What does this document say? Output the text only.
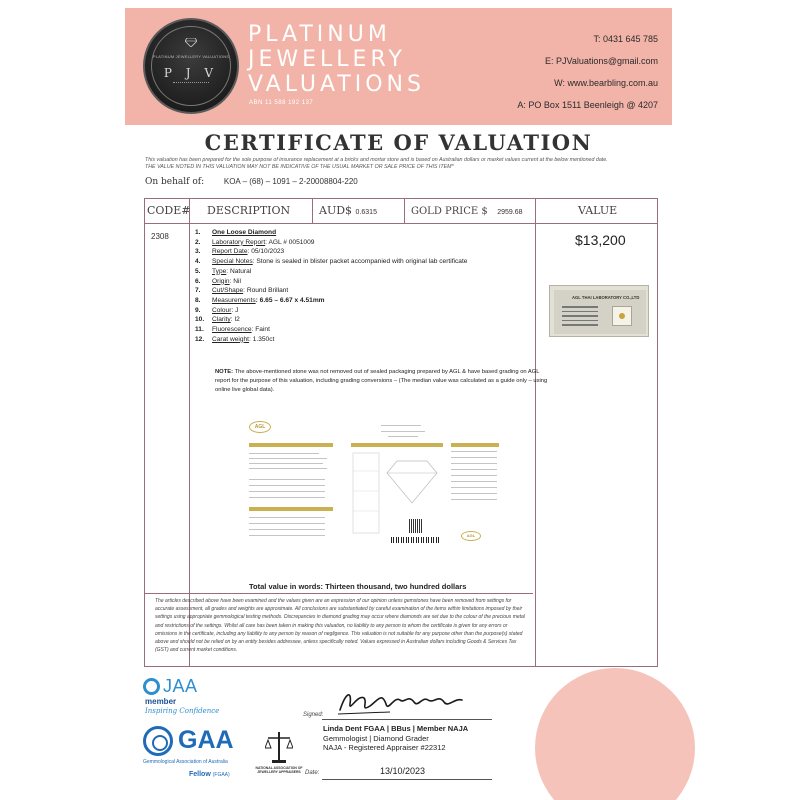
PLATINUM JEWELLERY VALUATIONS
P J V
PLATINUM
JEWELLERY
VALUATIONS
ABN 11 588 192 137
T: 0431 645 785
E: PJValuations@gmail.com
W: www.bearbling.com.au
A: PO Box 1511 Beenleigh @ 4207
CERTIFICATE OF VALUATION
This valuation has been prepared for the sole purpose of insurance replacement at a bricks and mortar store and is based on Australian dollars or market values current at the below mentioned date.
THE VALUE NOTED IN THIS VALUATION MAY NOT BE INDICATIVE OF THE USUAL MARKET OR SALE PRICE OF THIS ITEM*
On behalf of: KOA – (68) – 1091 – 2-20008804-220
CODE# DESCRIPTION	AUD$ 0.6315	GOLD PRICE $ 2959.68	VALUE
2308	1.	One Loose Diamond
2.	Laboratory Report : AGL # 0051009
3.	Report Date : 05/10/2023
4.	Special Notes : Stone is sealed in blister packet accompanied with original lab certificate
5.	Type : Natural
6.	Origin : Nil
7.	Cut/Shape : Round Brillant
8.	Measurements : 6.65 – 6.67 x 4.51mm
9.	Colour : J
10.	Clarity : I2
11.	Fluorescence : Faint
12.	Carat weight : 1.350ct
$13,200
AGL THAI LABORATORY CO.,LTD
NOTE: The above-mentioned stone was not removed out of sealed packaging prepared by AGL & have based grading on AGL report for the purpose of this valuation, including grading conversions – (The median value was calculated as a guide only – using online live global data).
AGL
AGL
Total value in words: Thirteen thousand, two hundred dollars
The articles described above have been examined and the values given are an expression of our opinion unless gemstones have been removed from settings for accurate assessment, all grades and weights are approximate. All conclusions are substantiated by careful examination of the items within limitations imposed by their settings using appropriate gemmological testing methods. Discrepancies in diamond grading may occur where diamonds are set due to the colour of the precious metal and restrictions of the settings. Whilst all care has been taken in making this valuation, no liability to any person to whom the certificate is given for any errors or omissions in the certificate, including any liability to any person by reason of negligence. This valuation is not suitable for any purpose other than the purpose(s) stated above and should not be relied on by an entity besides addressee, unless specifically noted. Values expressed in Australian dollars including Goods & Services Tax (GST) and current market conditions.
JAA
member
Inspiring Confidence
GAA
Gemmological Association of Australia
Fellow (FGAA)
NATIONAL ASSOCIATION OF JEWELLERY APPRAISERS
Signed:
Linda Dent FGAA | BBus | Member NAJA
Gemmologist | Diamond Grader
NAJA - Registered Appraiser #22312
Date:	13/10/2023
